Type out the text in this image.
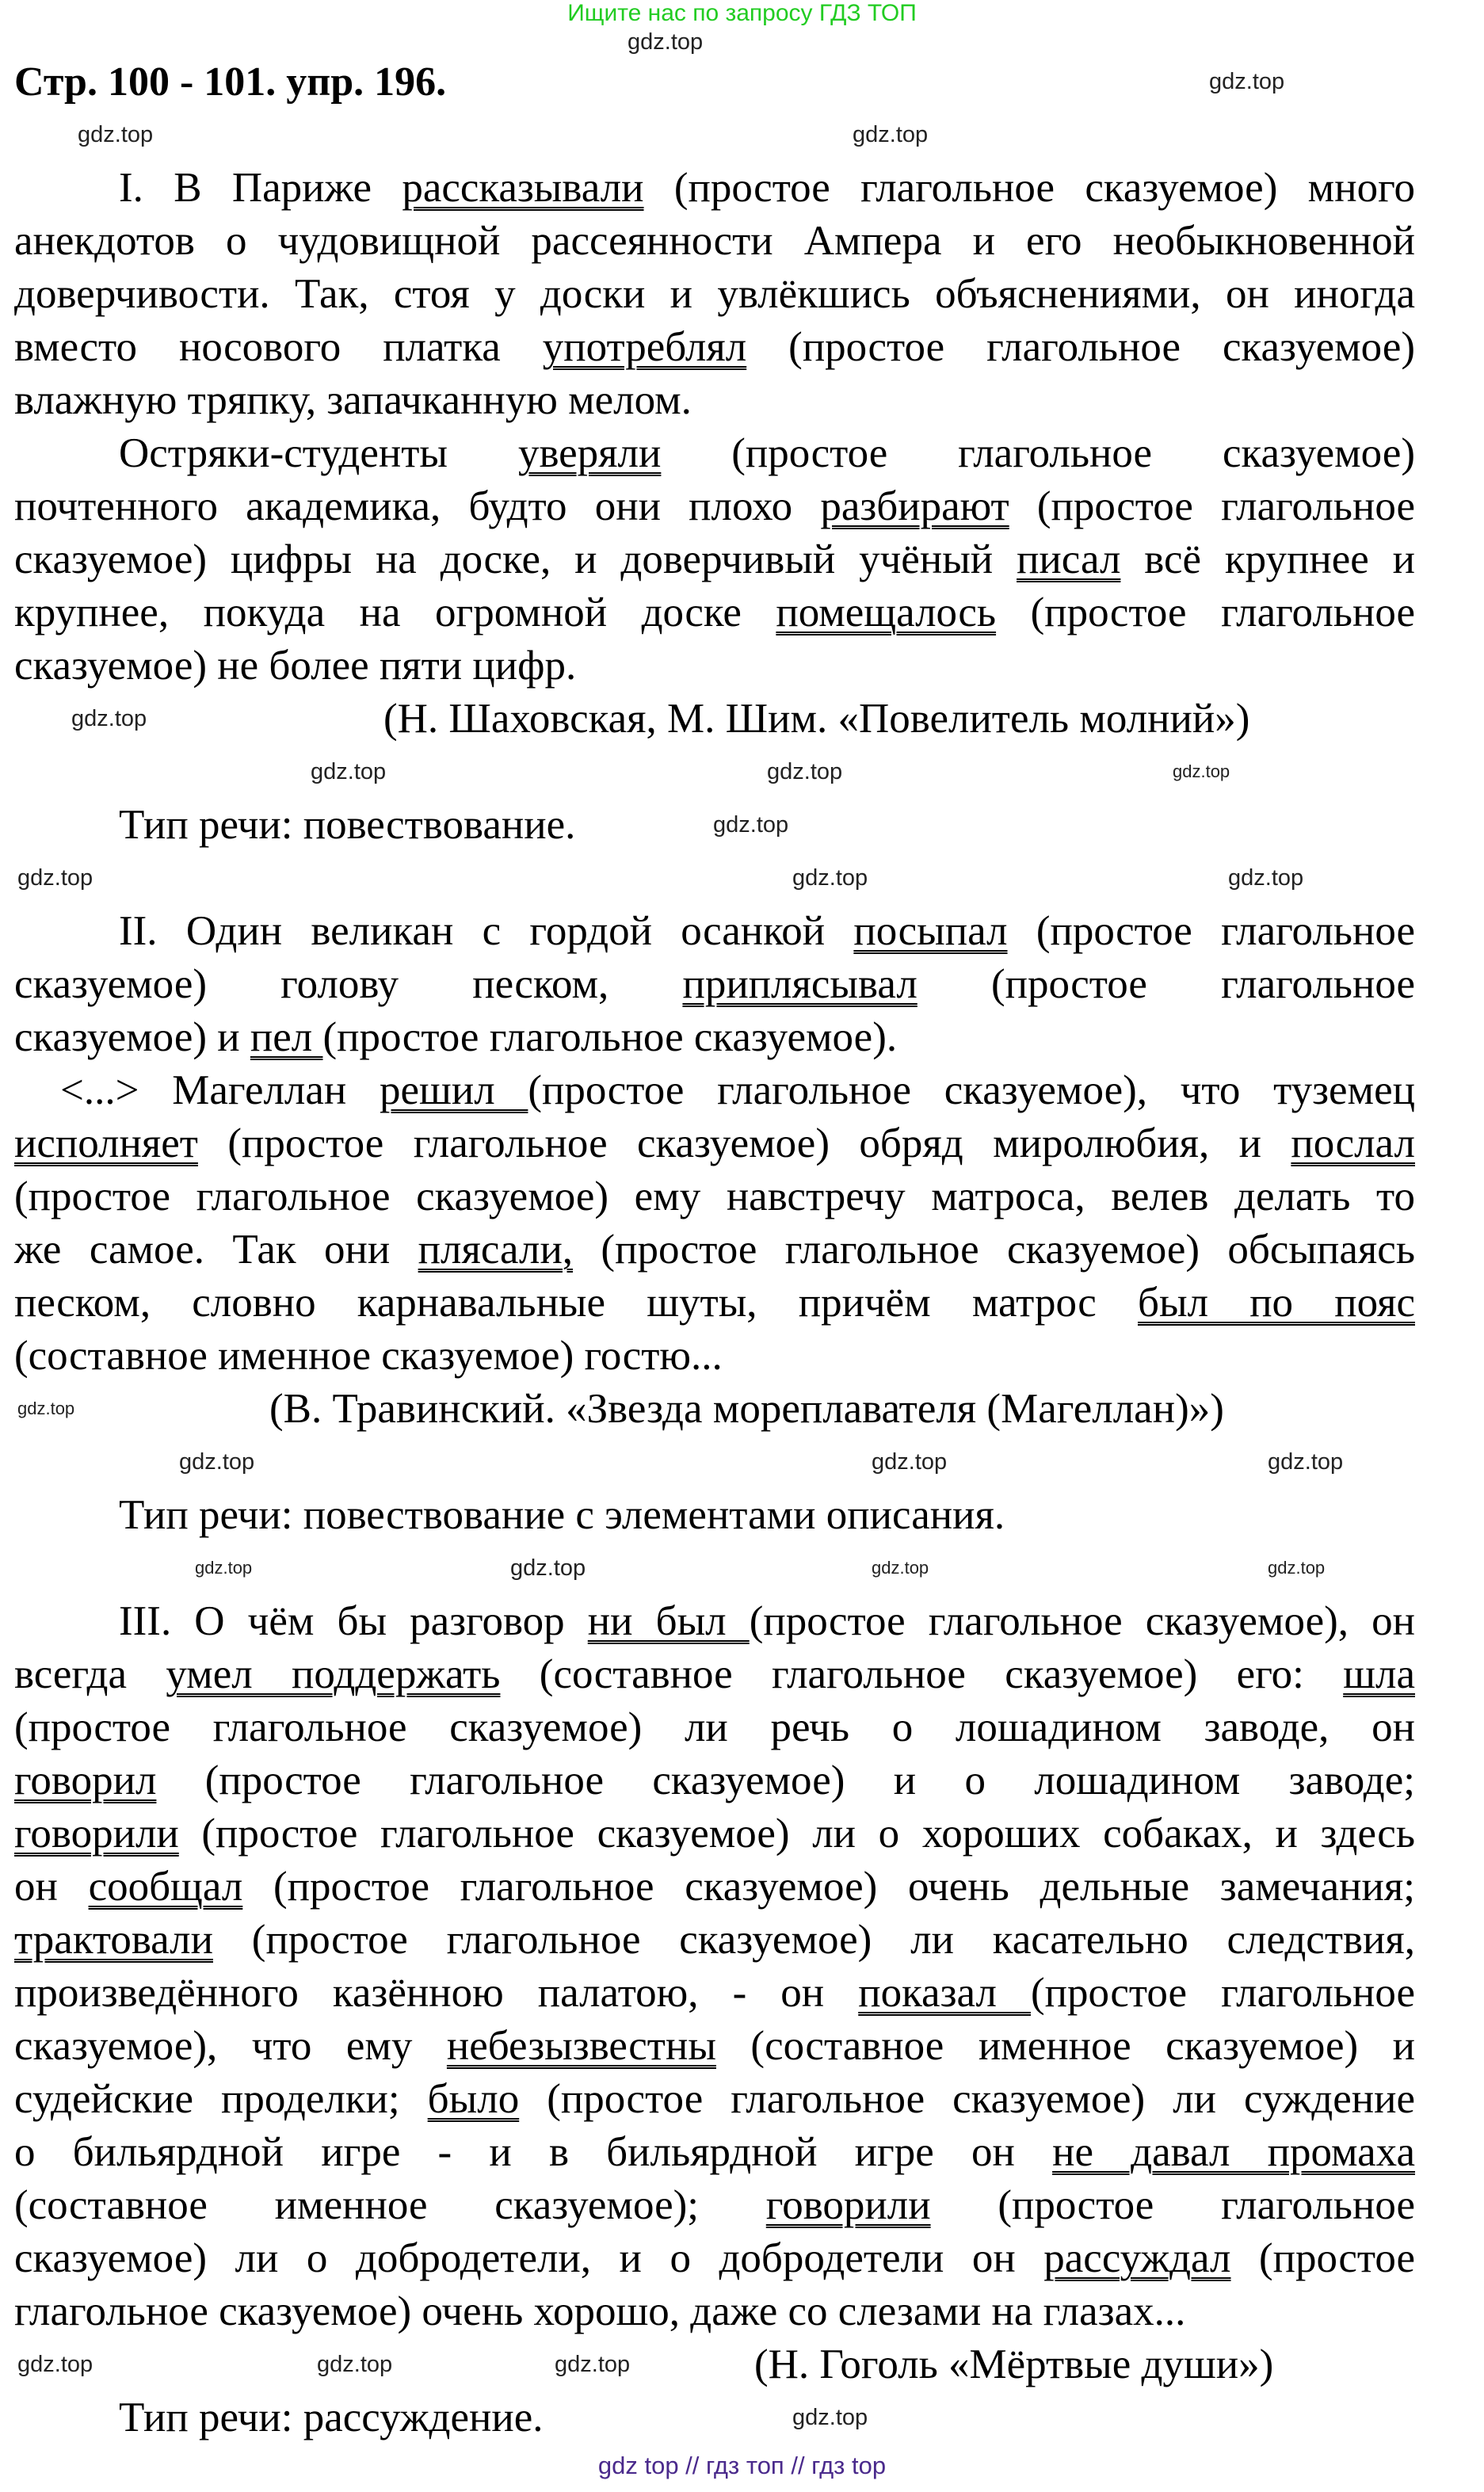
Ищите нас по запросу ГДЗ ТОП
Стр. 100 - 101. упр. 196.
I. В Париже рассказывали (простое глагольное сказуемое) много
анекдотов о чудовищной рассеянности Ампера и его необыкновенной
доверчивости. Так, стоя у доски и увлёкшись объяснениями, он иногда
вместо носового платка употреблял (простое глагольное сказуемое)
влажную тряпку, запачканную мелом.
Остряки-студенты уверяли (простое глагольное сказуемое)
почтенного академика, будто они плохо разбирают (простое глагольное
сказуемое) цифры на доске, и доверчивый учёный писал всё крупнее и
крупнее, покуда на огромной доске помещалось (простое глагольное
сказуемое) не более пяти цифр.
(Н. Шаховская, М. Шим. «Повелитель молний»)
Тип речи: повествование.
II. Один великан с гордой осанкой посыпал (простое глагольное
сказуемое) голову песком, приплясывал (простое глагольное
сказуемое) и пел (простое глагольное сказуемое).
<...> Магеллан решил (простое глагольное сказуемое), что туземец
исполняет (простое глагольное сказуемое) обряд миролюбия, и послал
(простое глагольное сказуемое) ему навстречу матроса, велев делать то
же самое. Так они плясали, (простое глагольное сказуемое) обсыпаясь
песком, словно карнавальные шуты, причём матрос был по пояс
(составное именное сказуемое) гостю...
(В. Травинский. «Звезда мореплавателя (Магеллан)»)
Тип речи: повествование с элементами описания.
III. О чём бы разговор ни был (простое глагольное сказуемое), он
всегда умел поддержать (составное глагольное сказуемое) его: шла
(простое глагольное сказуемое) ли речь о лошадином заводе, он
говорил (простое глагольное сказуемое) и о лошадином заводе;
говорили (простое глагольное сказуемое) ли о хороших собаках, и здесь
он сообщал (простое глагольное сказуемое) очень дельные замечания;
трактовали (простое глагольное сказуемое) ли касательно следствия,
произведённого казённою палатою, - он показал (простое глагольное
сказуемое), что ему небезызвестны (составное именное сказуемое) и
судейские проделки; было (простое глагольное сказуемое) ли суждение
о бильярдной игре - и в бильярдной игре он не давал промаха
(составное именное сказуемое); говорили (простое глагольное
сказуемое) ли о добродетели, и о добродетели он рассуждал (простое
глагольное сказуемое) очень хорошо, даже со слезами на глазах...
(Н. Гоголь «Мёртвые души»)
Тип речи: рассуждение.
gdz.top
gdz.top
gdz.top	gdz.top
gdz.top
gdz.top
gdz.top
gdz.top
gdz.top
gdz.top	gdz.top
gdz.top
gdz.top
gdz.top	gdz.top
gdz.top
gdz.top	gdz.top	gdz.top
gdz.top
gdz.top
gdz.top	gdz.top
gdz.top
gdz top // гдз топ // гдз top
